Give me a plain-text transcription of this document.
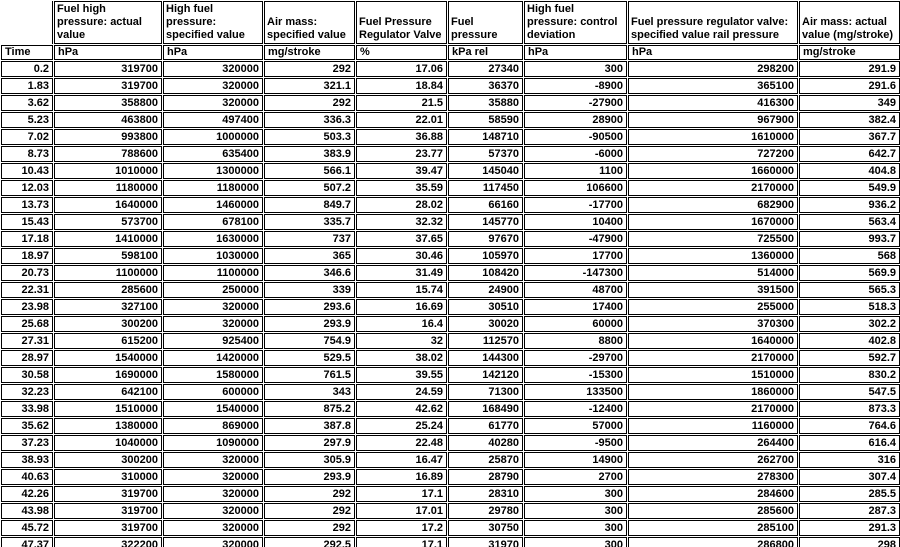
	Fuel high pressure: actual value	High fuel pressure: specified value	Air mass: specified value	Fuel Pressure Regulator Valve	Fuel pressure	High fuel pressure: control deviation	Fuel pressure regulator valve: specified value rail pressure	Air mass: actual value (mg/stroke)
Time	hPa	hPa	mg/stroke	%	kPa rel	hPa	hPa	mg/stroke
0.2	319700	320000	292	17.06	27340	300	298200	291.9
1.83	319700	320000	321.1	18.84	36370	-8900	365100	291.6
3.62	358800	320000	292	21.5	35880	-27900	416300	349
5.23	463800	497400	336.3	22.01	58590	28900	967900	382.4
7.02	993800	1000000	503.3	36.88	148710	-90500	1610000	367.7
8.73	788600	635400	383.9	23.77	57370	-6000	727200	642.7
10.43	1010000	1300000	566.1	39.47	145040	1100	1660000	404.8
12.03	1180000	1180000	507.2	35.59	117450	106600	2170000	549.9
13.73	1640000	1460000	849.7	28.02	66160	-17700	682900	936.2
15.43	573700	678100	335.7	32.32	145770	10400	1670000	563.4
17.18	1410000	1630000	737	37.65	97670	-47900	725500	993.7
18.97	598100	1030000	365	30.46	105970	17700	1360000	568
20.73	1100000	1100000	346.6	31.49	108420	-147300	514000	569.9
22.31	285600	250000	339	15.74	24900	48700	391500	565.3
23.98	327100	320000	293.6	16.69	30510	17400	255000	518.3
25.68	300200	320000	293.9	16.4	30020	60000	370300	302.2
27.31	615200	925400	754.9	32	112570	8800	1640000	402.8
28.97	1540000	1420000	529.5	38.02	144300	-29700	2170000	592.7
30.58	1690000	1580000	761.5	39.55	142120	-15300	1510000	830.2
32.23	642100	600000	343	24.59	71300	133500	1860000	547.5
33.98	1510000	1540000	875.2	42.62	168490	-12400	2170000	873.3
35.62	1380000	869000	387.8	25.24	61770	57000	1160000	764.6
37.23	1040000	1090000	297.9	22.48	40280	-9500	264400	616.4
38.93	300200	320000	305.9	16.47	25870	14900	262700	316
40.63	310000	320000	293.9	16.89	28790	2700	278300	307.4
42.26	319700	320000	292	17.1	28310	300	284600	285.5
43.98	319700	320000	292	17.01	29780	300	285600	287.3
45.72	319700	320000	292	17.2	30750	300	285100	291.3
47.37	322200	320000	292.5	17.1	31970	300	286800	298
